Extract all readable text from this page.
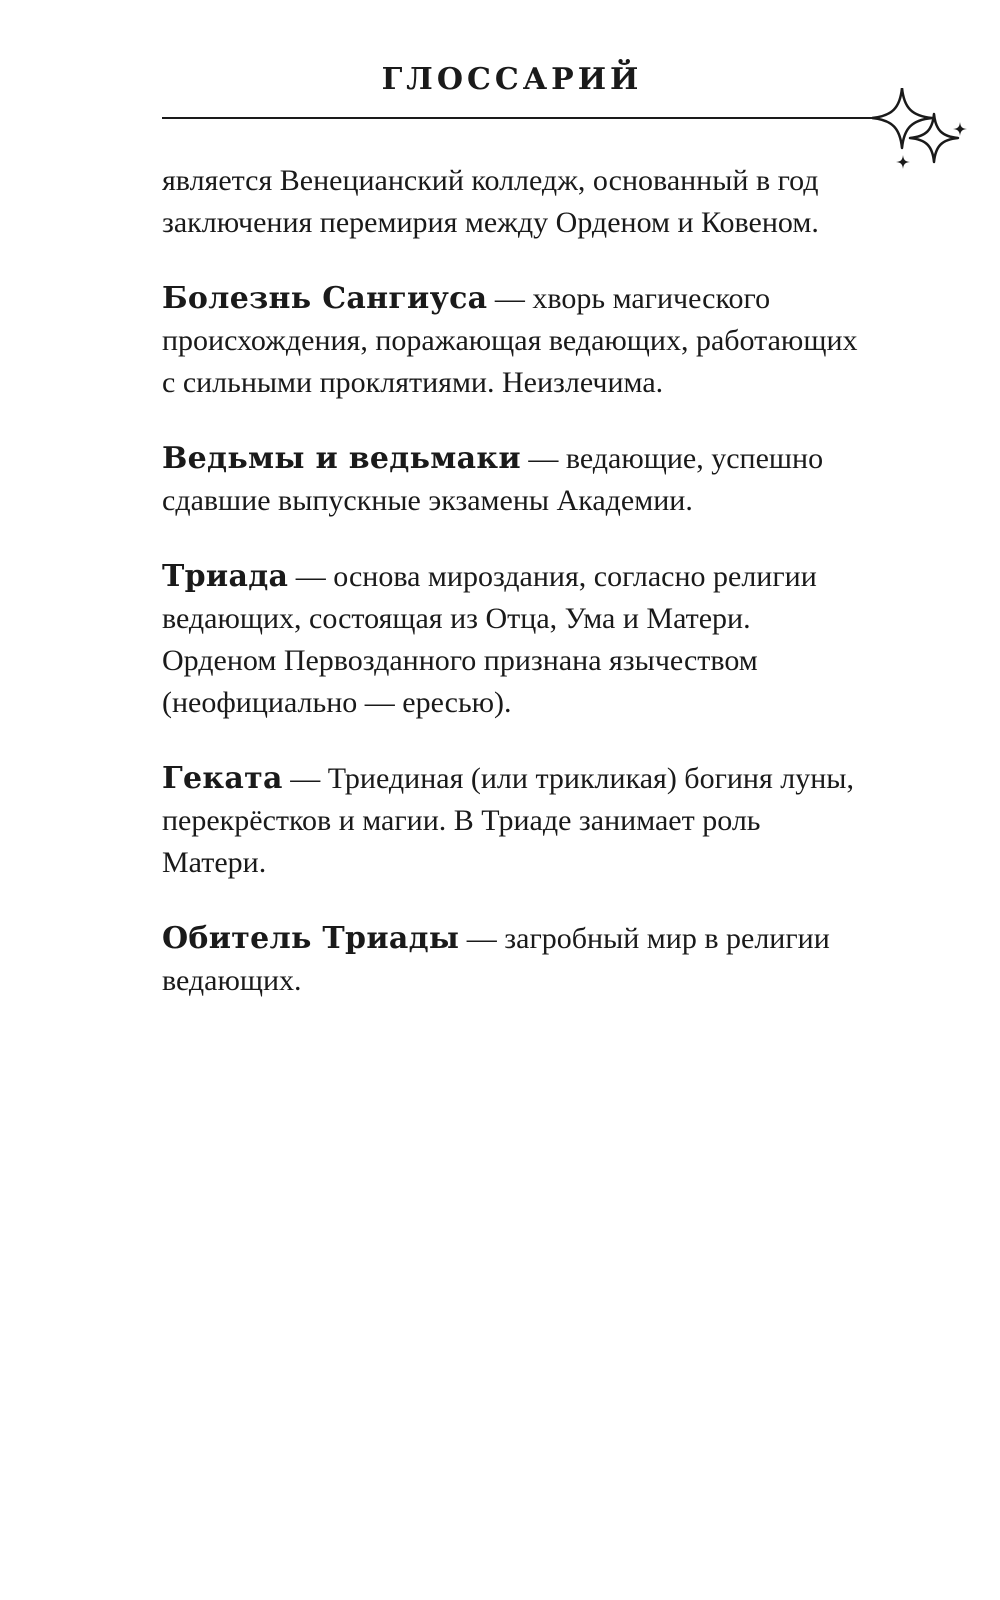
ГЛОССАРИЙ

является Венецианский колледж, основанный в год заключения перемирия между Орденом и Ковеном.

Болезнь Сангиуса — хворь магического происхождения, поражающая ведающих, работающих с сильными проклятиями. Неизлечима.

Ведьмы и ведьмаки — ведающие, успешно сдавшие выпускные экзамены Академии.

Триада — основа мироздания, согласно религии ведающих, состоящая из Отца, Ума и Матери. Орденом Первозданного признана язычеством (неофициально — ересью).

Геката — Триединая (или трикликая) богиня луны, перекрёстков и магии. В Триаде занимает роль Матери.

Обитель Триады — загробный мир в религии ведающих.
